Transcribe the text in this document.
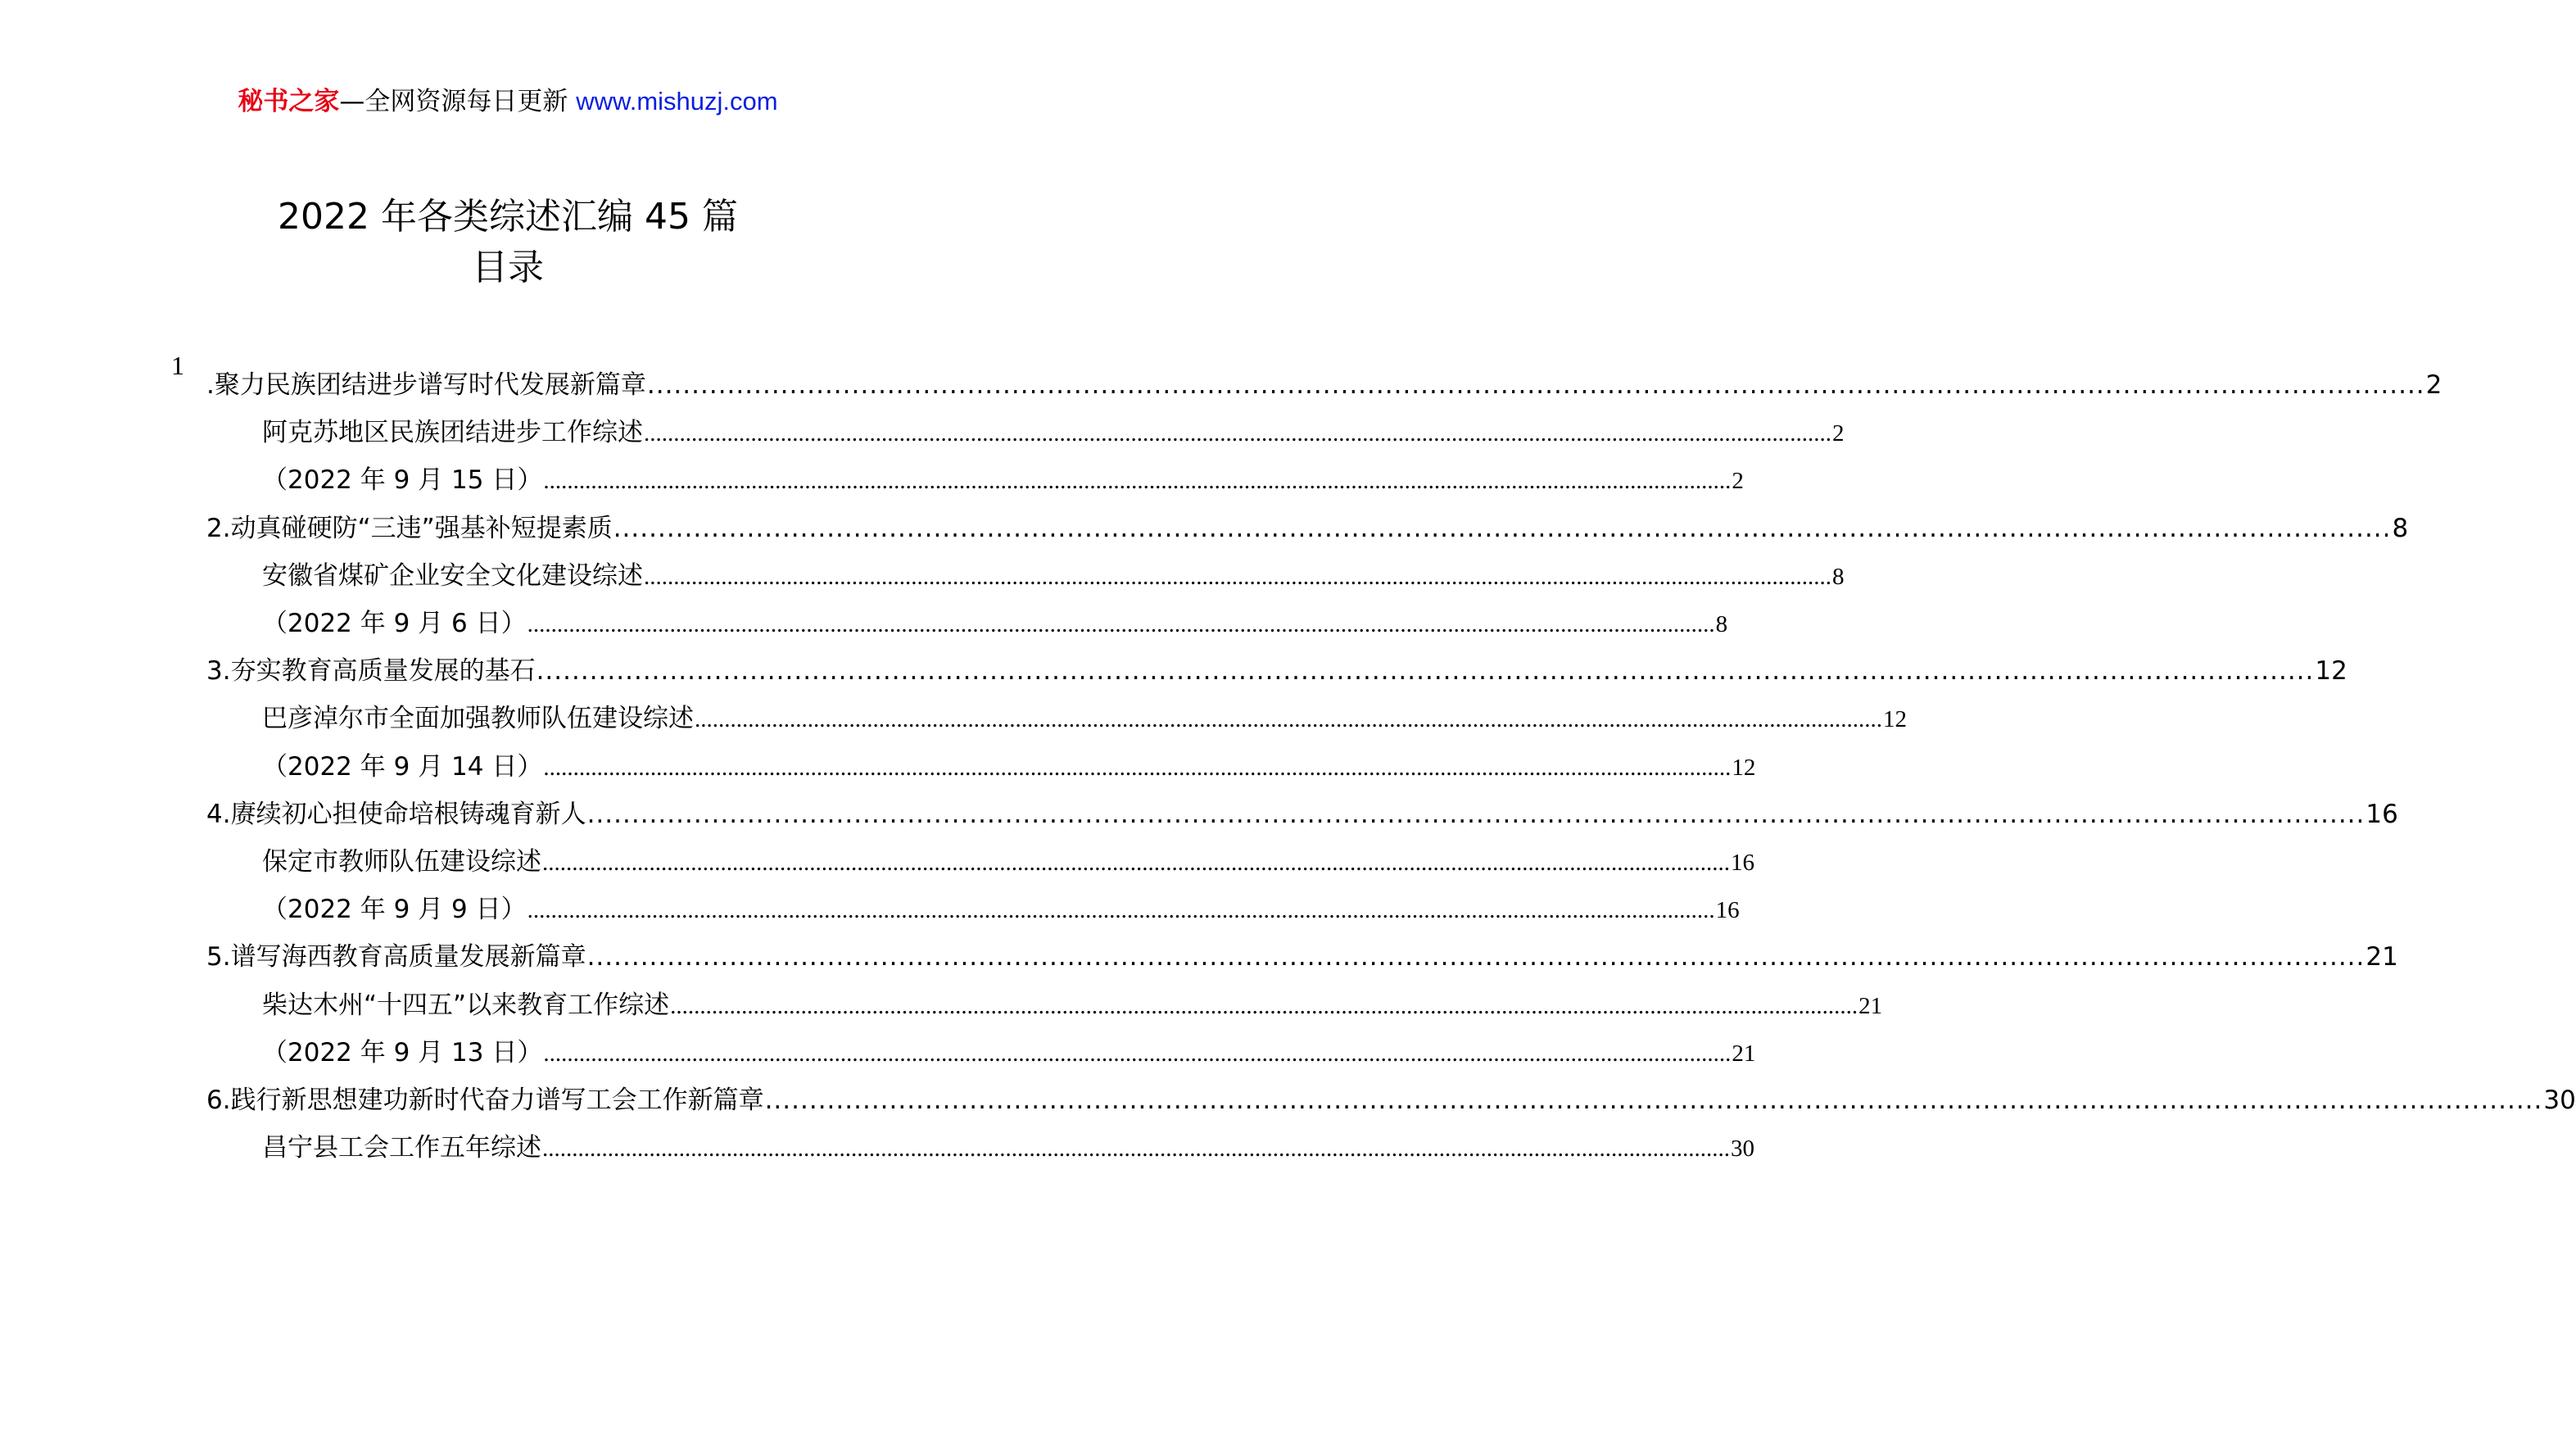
秘书之家—全网资源每日更新 www.mishuzj.com
2022 年各类综述汇编 45 篇
目录
1
.聚力民族团结进步谱写时代发展新篇章 ........................................................................................................................................................................................................ 2
阿克苏地区民族团结进步工作综述 ........................................................................................................................................................................................................ 2
（2022 年 9 月 15 日） ........................................................................................................................................................................................................ 2
2.动真碰硬防“三违”强基补短提素质 ........................................................................................................................................................................................................ 8
安徽省煤矿企业安全文化建设综述 ........................................................................................................................................................................................................ 8
（2022 年 9 月 6 日） ........................................................................................................................................................................................................ 8
3.夯实教育高质量发展的基石 ........................................................................................................................................................................................................ 12
巴彦淖尔市全面加强教师队伍建设综述 ........................................................................................................................................................................................................ 12
（2022 年 9 月 14 日） ........................................................................................................................................................................................................ 12
4.赓续初心担使命培根铸魂育新人 ........................................................................................................................................................................................................ 16
保定市教师队伍建设综述 ........................................................................................................................................................................................................ 16
（2022 年 9 月 9 日） ........................................................................................................................................................................................................ 16
5.谱写海西教育高质量发展新篇章 ........................................................................................................................................................................................................ 21
柴达木州“十四五”以来教育工作综述 ........................................................................................................................................................................................................ 21
（2022 年 9 月 13 日） ........................................................................................................................................................................................................ 21
6.践行新思想建功新时代奋力谱写工会工作新篇章 ........................................................................................................................................................................................................ 30
昌宁县工会工作五年综述 ........................................................................................................................................................................................................ 30
